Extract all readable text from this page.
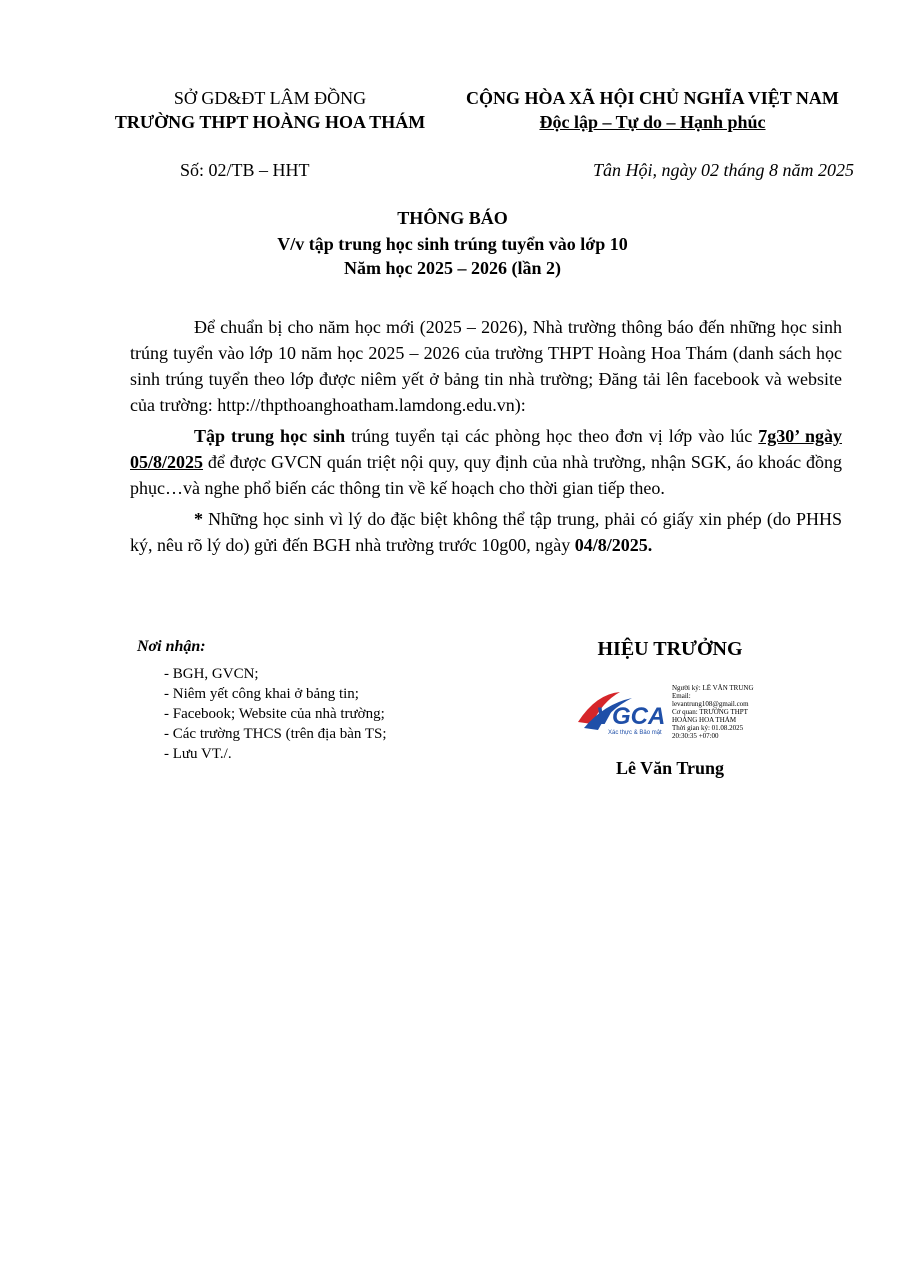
SỞ GD&ĐT LÂM ĐỒNG
TRƯỜNG THPT HOÀNG HOA THÁM
CỘNG HÒA XÃ HỘI CHỦ NGHĨA VIỆT NAM
Độc lập – Tự do – Hạnh phúc
Số: 02/TB – HHT	Tân Hội, ngày 02 tháng 8 năm 2025
THÔNG BÁO
V/v tập trung học sinh trúng tuyển vào lớp 10
Năm học 2025 – 2026 (lần 2)

Để chuẩn bị cho năm học mới (2025 – 2026), Nhà trường thông báo đến những học sinh trúng tuyển vào lớp 10 năm học 2025 – 2026 của trường THPT Hoàng Hoa Thám (danh sách học sinh trúng tuyển theo lớp được niêm yết ở bảng tin nhà trường; Đăng tải lên facebook và website của trường: http://thpthoanghoatham.lamdong.edu.vn):

Tập trung học sinh trúng tuyển tại các phòng học theo đơn vị lớp vào lúc 7g30’ ngày 05/8/2025 để được GVCN quán triệt nội quy, quy định của nhà trường, nhận SGK, áo khoác đồng phục…và nghe phổ biến các thông tin về kế hoạch cho thời gian tiếp theo.

* Những học sinh vì lý do đặc biệt không thể tập trung, phải có giấy xin phép (do PHHS ký, nêu rõ lý do) gửi đến BGH nhà trường trước 10g00, ngày 04/8/2025.

Nơi nhận:
- BGH, GVCN;
- Niêm yết công khai ở bảng tin;
- Facebook; Website của nhà trường;
- Các trường THCS (trên địa bàn TS;
- Lưu VT./.
HIỆU TRƯỞNG
VGCA
Xác thực & Bảo mật
Người ký: LÊ VĂN TRUNG
Email:
levantrung108@gmail.com
Cơ quan: TRƯỜNG THPT
HOÀNG HOA THÁM
Thời gian ký: 01.08.2025
20:30:35 +07:00
Lê Văn Trung
